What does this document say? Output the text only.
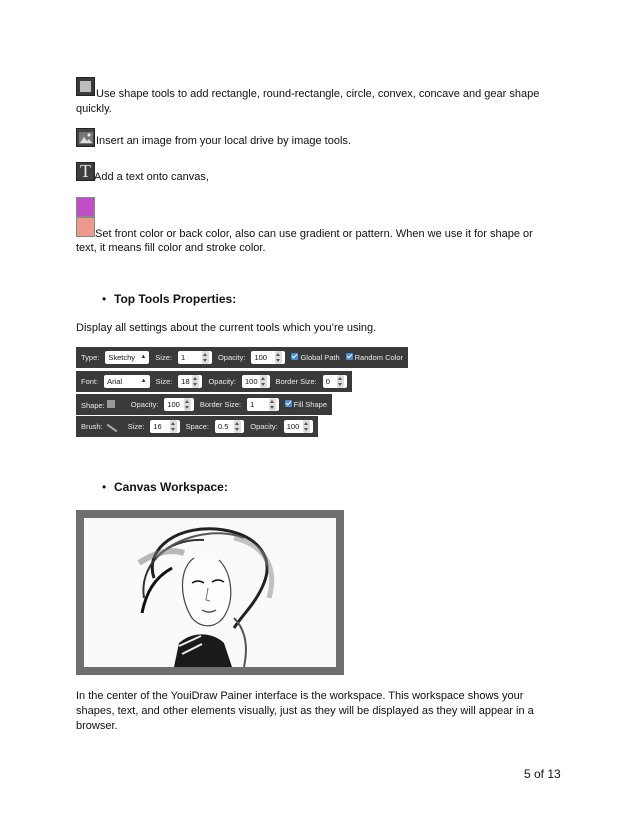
Use shape tools to add rectangle, round-rectangle, circle, convex, concave and gear shape
quickly.
Insert an image from your local drive by image tools.
T Add a text onto canvas,
Set front color or back color, also can use gradient or pattern. When we use it for shape or
text, it means fill color and stroke color.
• Top Tools Properties:
Display all settings about the current tools which you’re using.
Type: Sketchy ▲ Size: 1	Opacity: 100	Global Path	Random Color
Font: Arial	▲ Size: 18	Opacity: 100 Border Size: 0
Shape:	Opacity: 100	Border Size: 1	Fill Shape
Brush:	Size: 16	Space: 0.5	Opacity: 100
• Canvas Workspace:
In the center of the YouiDraw Painer interface is the workspace. This workspace shows your
shapes, text, and other elements visually, just as they will be displayed as they will appear in a
browser.
5 of 13
